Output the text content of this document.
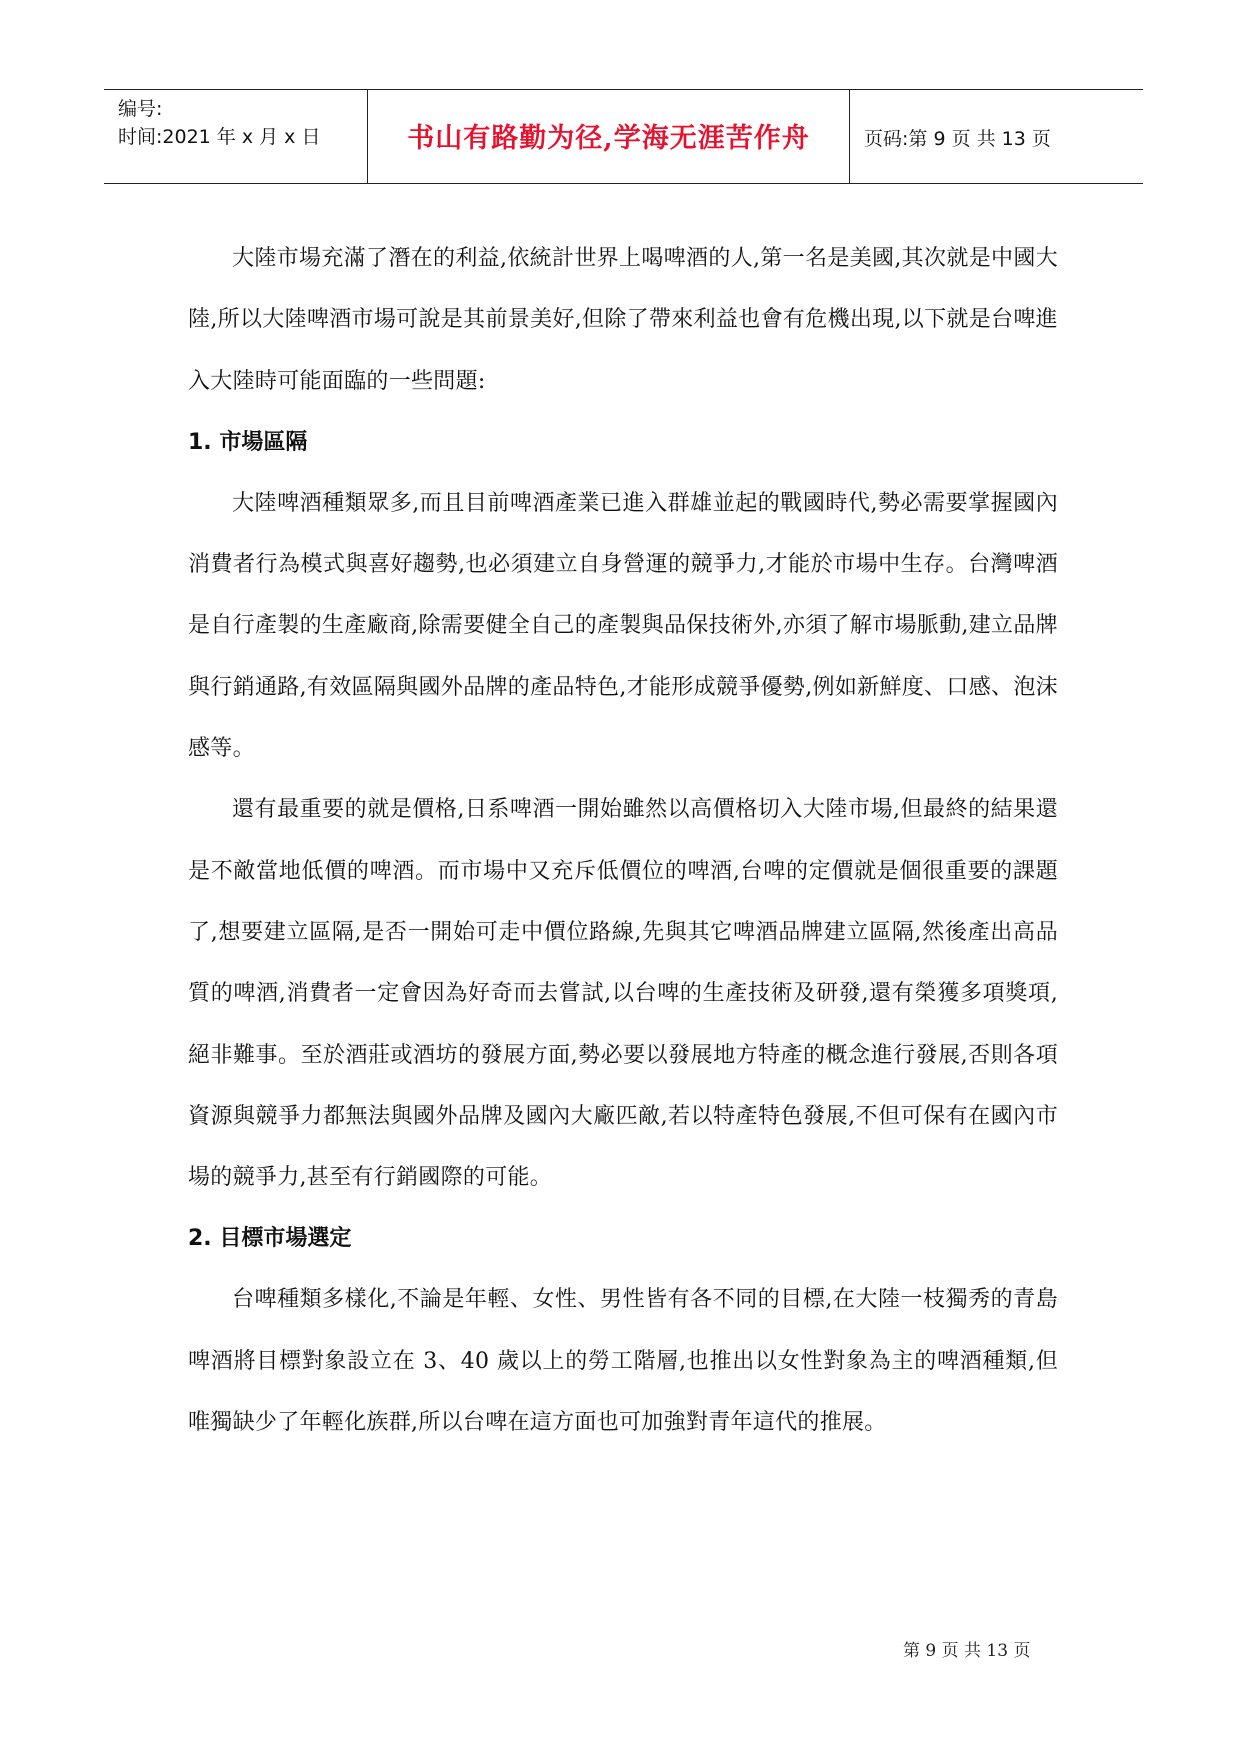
编号:
时间:2021 年 x 月 x 日	书山有路勤为径,学海无涯苦作舟	页码:第 9 页 共 13 页

大陸市場充滿了潛在的利益,依統計世界上喝啤酒的人,第一名是美國,其次就是中國大陸,所以大陸啤酒市場可說是其前景美好,但除了帶來利益也會有危機出現,以下就是台啤進入大陸時可能面臨的一些問題:

1. 市場區隔

大陸啤酒種類眾多,而且目前啤酒產業已進入群雄並起的戰國時代,勢必需要掌握國內消費者行為模式與喜好趨勢,也必須建立自身營運的競爭力,才能於市場中生存。台灣啤酒是自行產製的生產廠商,除需要健全自己的產製與品保技術外,亦須了解市場脈動,建立品牌與行銷通路,有效區隔與國外品牌的產品特色,才能形成競爭優勢,例如新鮮度、口感、泡沫感等。

還有最重要的就是價格,日系啤酒一開始雖然以高價格切入大陸市場,但最終的結果還是不敵當地低價的啤酒。而市場中又充斥低價位的啤酒,台啤的定價就是個很重要的課題了,想要建立區隔,是否一開始可走中價位路線,先與其它啤酒品牌建立區隔,然後產出高品質的啤酒,消費者一定會因為好奇而去嘗試,以台啤的生產技術及研發,還有榮獲多項獎項,絕非難事。至於酒莊或酒坊的發展方面,勢必要以發展地方特產的概念進行發展,否則各項資源與競爭力都無法與國外品牌及國內大廠匹敵,若以特產特色發展,不但可保有在國內市場的競爭力,甚至有行銷國際的可能。

2. 目標市場選定

台啤種類多樣化,不論是年輕、女性、男性皆有各不同的目標,在大陸一枝獨秀的青島啤酒將目標對象設立在 3、40 歲以上的勞工階層,也推出以女性對象為主的啤酒種類,但唯獨缺少了年輕化族群,所以台啤在這方面也可加強對青年這代的推展。

第 9 页 共 13 页
